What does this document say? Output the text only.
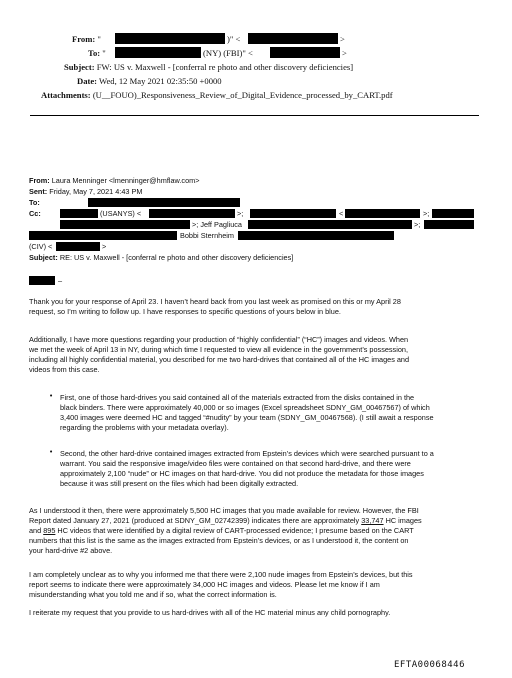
From: "	)" <	>
To: "	(NY) (FBI)" <	>
Subject: FW: US v. Maxwell - [conferral re photo and other discovery deficiencies]
Date: Wed, 12 May 2021 02:35:50 +0000
Attachments: (U__FOUO)_Responsiveness_Review_of_Digital_Evidence_processed_by_CART.pdf
From: Laura Menninger <lmenninger@hmflaw.com>
Sent: Friday, May 7, 2021 4:43 PM
To:
Cc:	(USANYS) <	>;	<	>;
>; Jeff Pagliuca	>;
Bobbi Sternheim
(CIV) <	>
Subject: RE: US v. Maxwell - [conferral re photo and other discovery deficiencies]
–
Thank you for your response of April 23. I haven’t heard back from you last week as promised on this or my April 28
request, so I’m writing to follow up. I have responses to specific questions of yours below in blue.
Additionally, I have more questions regarding your production of “highly confidential” (“HC”) images and videos. When
we met the week of April 13 in NY, during which time I requested to view all evidence in the government’s possession,
including all highly confidential material, you described for me two hard-drives that contained all of the HC images and
videos from this case.
• First, one of those hard-drives you said contained all of the materials extracted from the disks contained in the
black binders. There were approximately 40,000 or so images (Excel spreadsheet SDNY_GM_00467567) of which
3,400 images were deemed HC and tagged “#nudity” by your team (SDNY_GM_00467568). (I still await a response
regarding the problems with your metadata overlay).
• Second, the other hard-drive contained images extracted from Epstein’s devices which were searched pursuant to a
warrant. You said the responsive image/video files were contained on that second hard-drive, and there were
approximately 2,100 “nude” or HC images on that hard-drive. You did not produce the metadata for those images
because it was still present on the files which had been digitally extracted.
As I understood it then, there were approximately 5,500 HC images that you made available for review. However, the FBI
Report dated January 27, 2021 (produced at SDNY_GM_02742399) indicates there are approximately 33,747 HC images
and 895 HC videos that were identified by a digital review of CART-processed evidence; I presume based on the CART
numbers that this list is the same as the images extracted from Epstein’s devices, or as I understood it, the content on
your hard-drive #2 above.
I am completely unclear as to why you informed me that there were 2,100 nude images from Epstein’s devices, but this
report seems to indicate there were approximately 34,000 HC images and videos. Please let me know if I am
misunderstanding what you told me and if so, what the correct information is.
I reiterate my request that you provide to us hard-drives with all of the HC material minus any child pornography.
EFTA00068446
